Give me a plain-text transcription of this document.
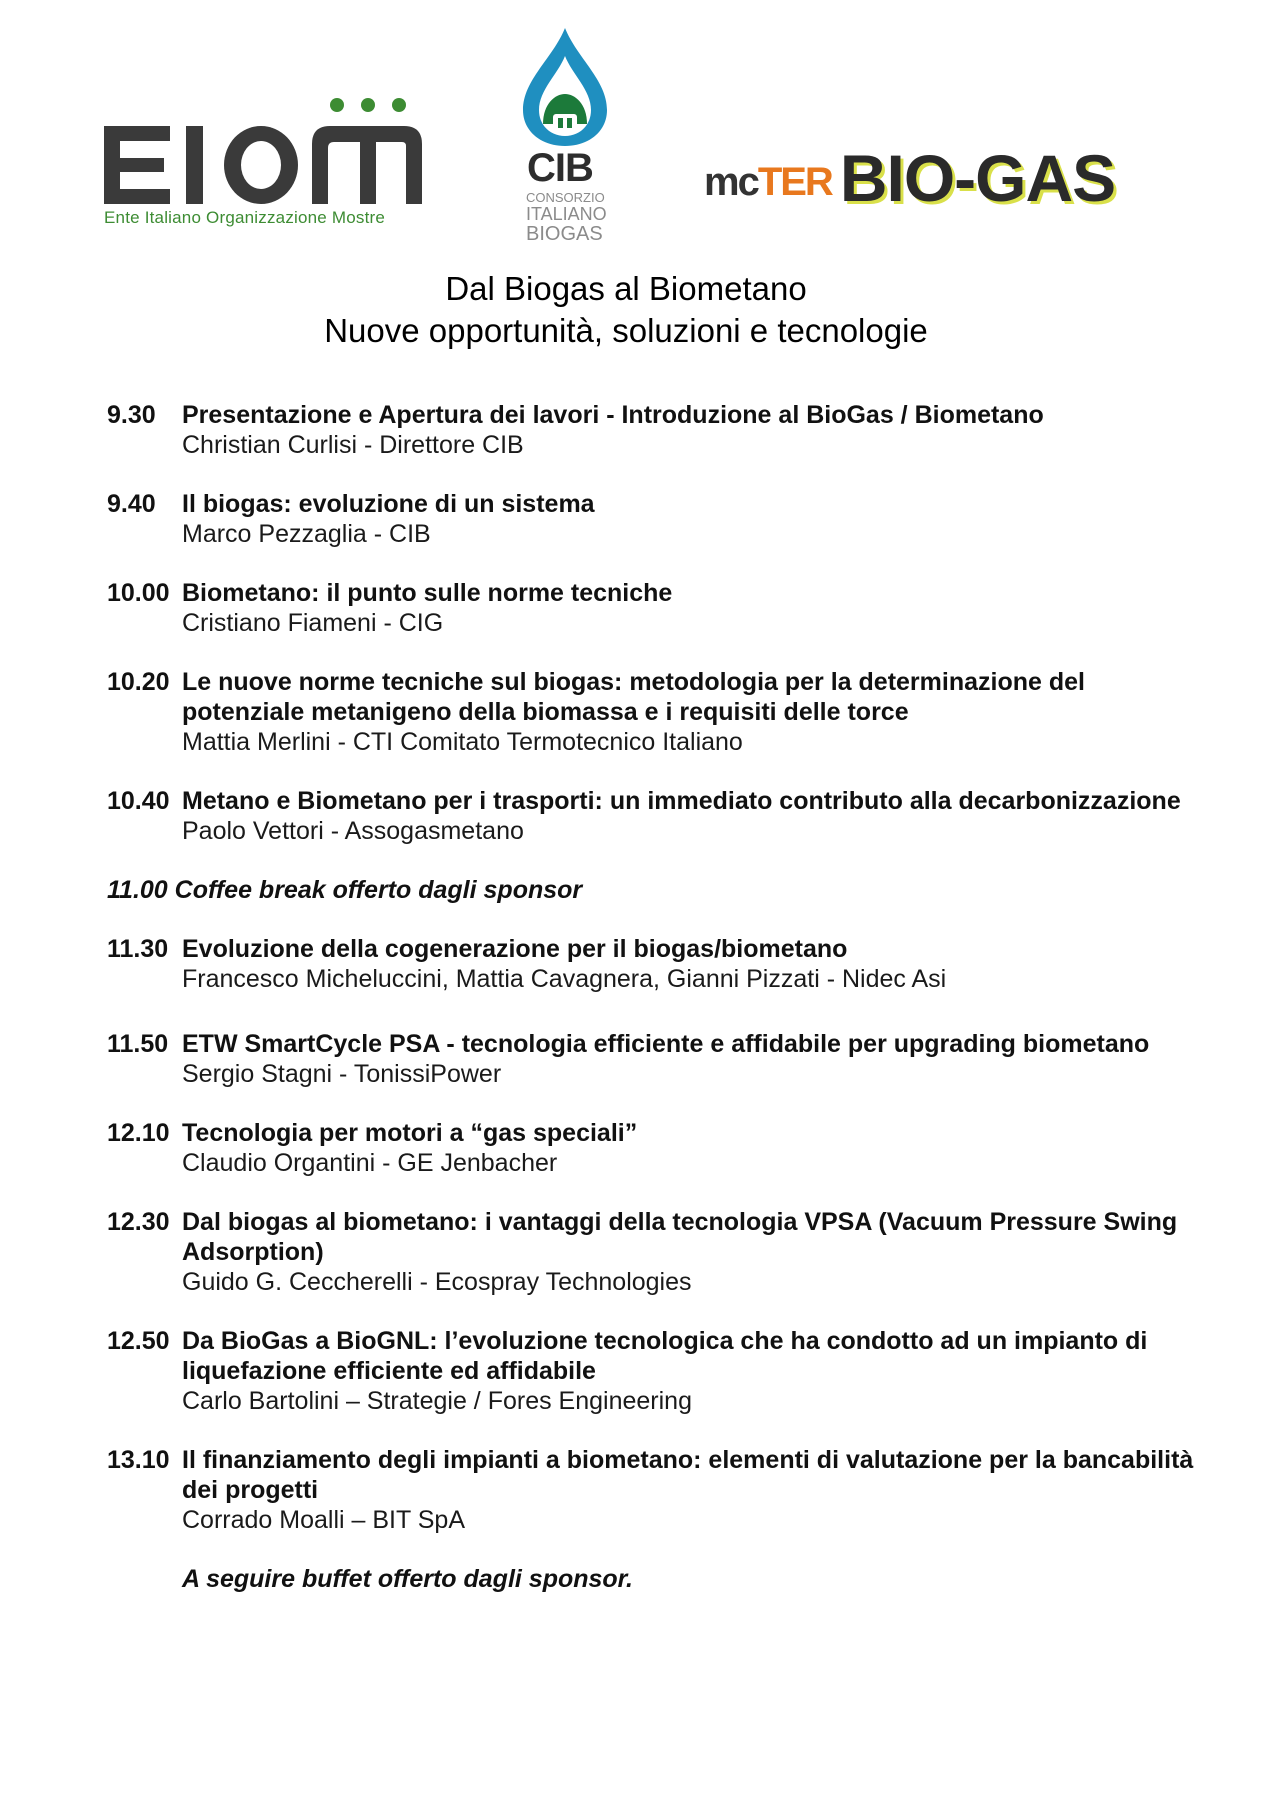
Ente Italiano Organizzazione Mostre
CIB
CONSORZIO
ITALIANO
BIOGAS
mcTER BIO-GAS
Dal Biogas al Biometano
Nuove opportunità, soluzioni e tecnologie
9.30	Presentazione e Apertura dei lavori - Introduzione al BioGas / Biometano
Christian Curlisi - Direttore CIB
9.40	Il biogas: evoluzione di un sistema
Marco Pezzaglia - CIB
10.00 Biometano: il punto sulle norme tecniche
Cristiano Fiameni - CIG
10.20 Le nuove norme tecniche sul biogas: metodologia per la determinazione del potenziale metanigeno della biomassa e i requisiti delle torce
Mattia Merlini - CTI Comitato Termotecnico Italiano
10.40 Metano e Biometano per i trasporti: un immediato contributo alla decarbonizzazione
Paolo Vettori - Assogasmetano
11.00 Coffee break offerto dagli sponsor
11.30 Evoluzione della cogenerazione per il biogas/biometano
Francesco Micheluccini, Mattia Cavagnera, Gianni Pizzati - Nidec Asi
11.50 ETW SmartCycle PSA - tecnologia efficiente e affidabile per upgrading biometano
Sergio Stagni - TonissiPower
12.10 Tecnologia per motori a “gas speciali”
Claudio Organtini - GE Jenbacher
12.30 Dal biogas al biometano: i vantaggi della tecnologia VPSA (Vacuum Pressure Swing Adsorption)
Guido G. Ceccherelli - Ecospray Technologies
12.50 Da BioGas a BioGNL: l’evoluzione tecnologica che ha condotto ad un impianto di liquefazione efficiente ed affidabile
Carlo Bartolini – Strategie / Fores Engineering
13.10 Il finanziamento degli impianti a biometano: elementi di valutazione per la bancabilità dei progetti
Corrado Moalli – BIT SpA
A seguire buffet offerto dagli sponsor.
